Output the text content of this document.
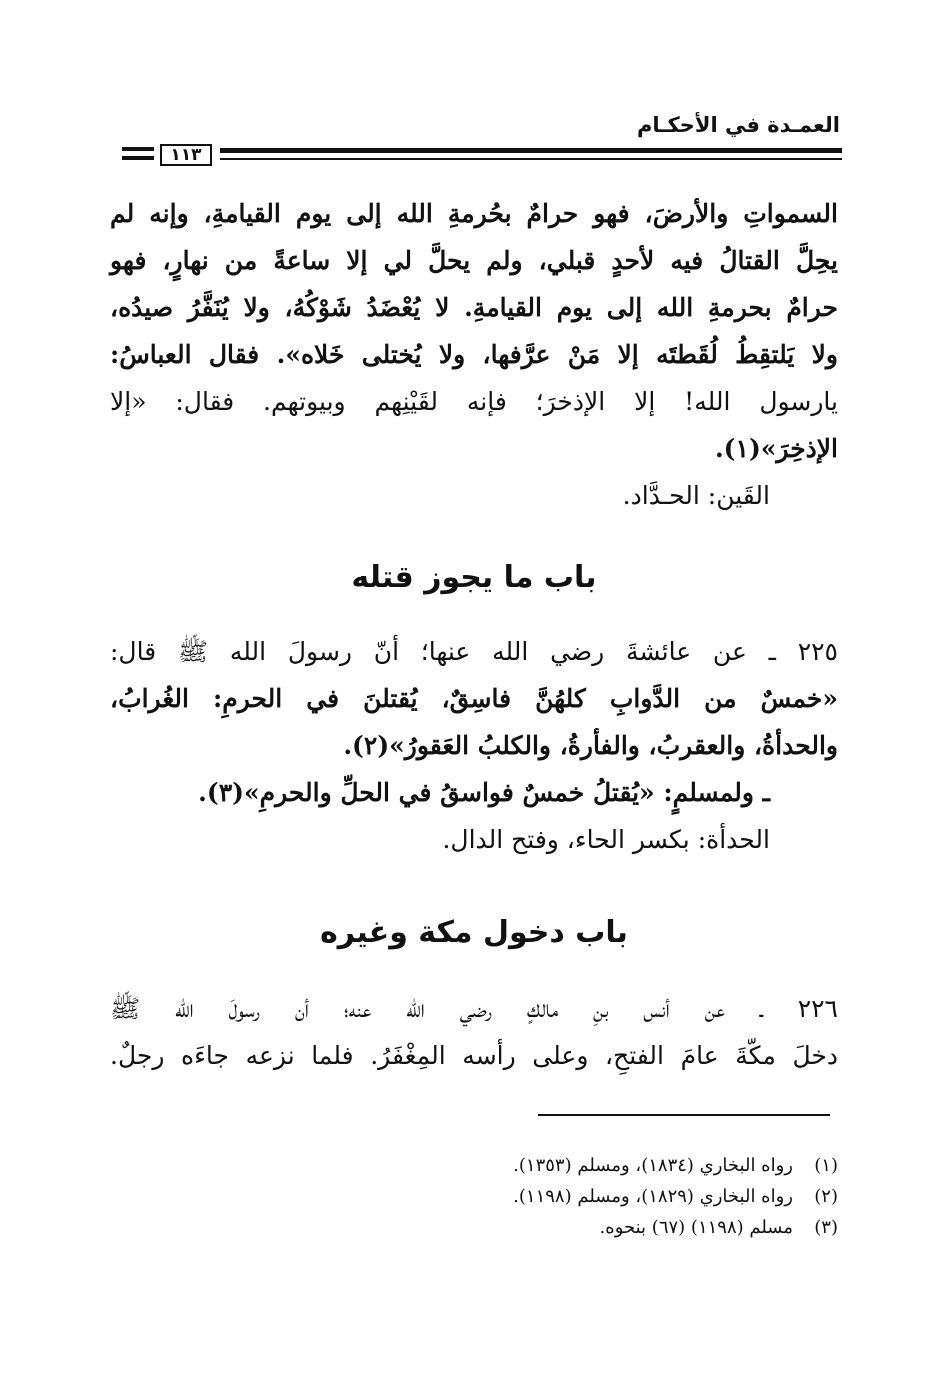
العمـدة في الأحكـام
١١٣
السمواتِ والأرضَ، فهو حرامٌ بحُرمةِ الله إلى يوم القيامةِ، وإنه لم
يحِلَّ القتالُ فيه لأحدٍ قبلي، ولم يحلَّ لي إلا ساعةً من نهارٍ، فهو
حرامٌ بحرمةِ الله إلى يوم القيامةِ. لا يُعْضَدُ شَوْكُهُ، ولا يُنَفَّرُ صيدُه،
ولا يَلتقِطُ لُقَطتَه إلا مَنْ عرَّفها، ولا يُختلى خَلاه». فقال العباسُ:
يارسول الله! إلا الإذخرَ؛ فإنه لقَيْنِهم وبيوتهم. فقال: «إلا
الإذخِرَ»(١).
القَين: الحـدَّاد.
باب ما يجوز قتله
٢٢٥ ـ عن عائشةَ رضي الله عنها؛ أنّ رسولَ الله ﷺ قال:
«خمسٌ من الدَّوابِ كلهُنَّ فاسِقٌ، يُقتلنَ في الحرمِ: الغُرابُ،
والحدأةُ، والعقربُ، والفأرةُ، والكلبُ العَقورُ»(٢).
ـ ولمسلمٍ: «يُقتلُ خمسٌ فواسقُ في الحلِّ والحرمِ»(٣).
الحدأة: بكسر الحاء، وفتح الدال.
باب دخول مكة وغيره
٢٢٦ ـ عن أنس بنِ مالكٍ رضي الله عنه؛ أن رسولَ الله ﷺ
دخلَ مكّةَ عامَ الفتحِ، وعلى رأسه المِغْفَرُ. فلما نزعه جاءَه رجلٌ.
(١)رواه البخاري (١٨٣٤)، ومسلم (١٣٥٣).
(٢)رواه البخاري (١٨٢٩)، ومسلم (١١٩٨).
(٣)مسلم (١١٩٨) (٦٧) بنحوه.
